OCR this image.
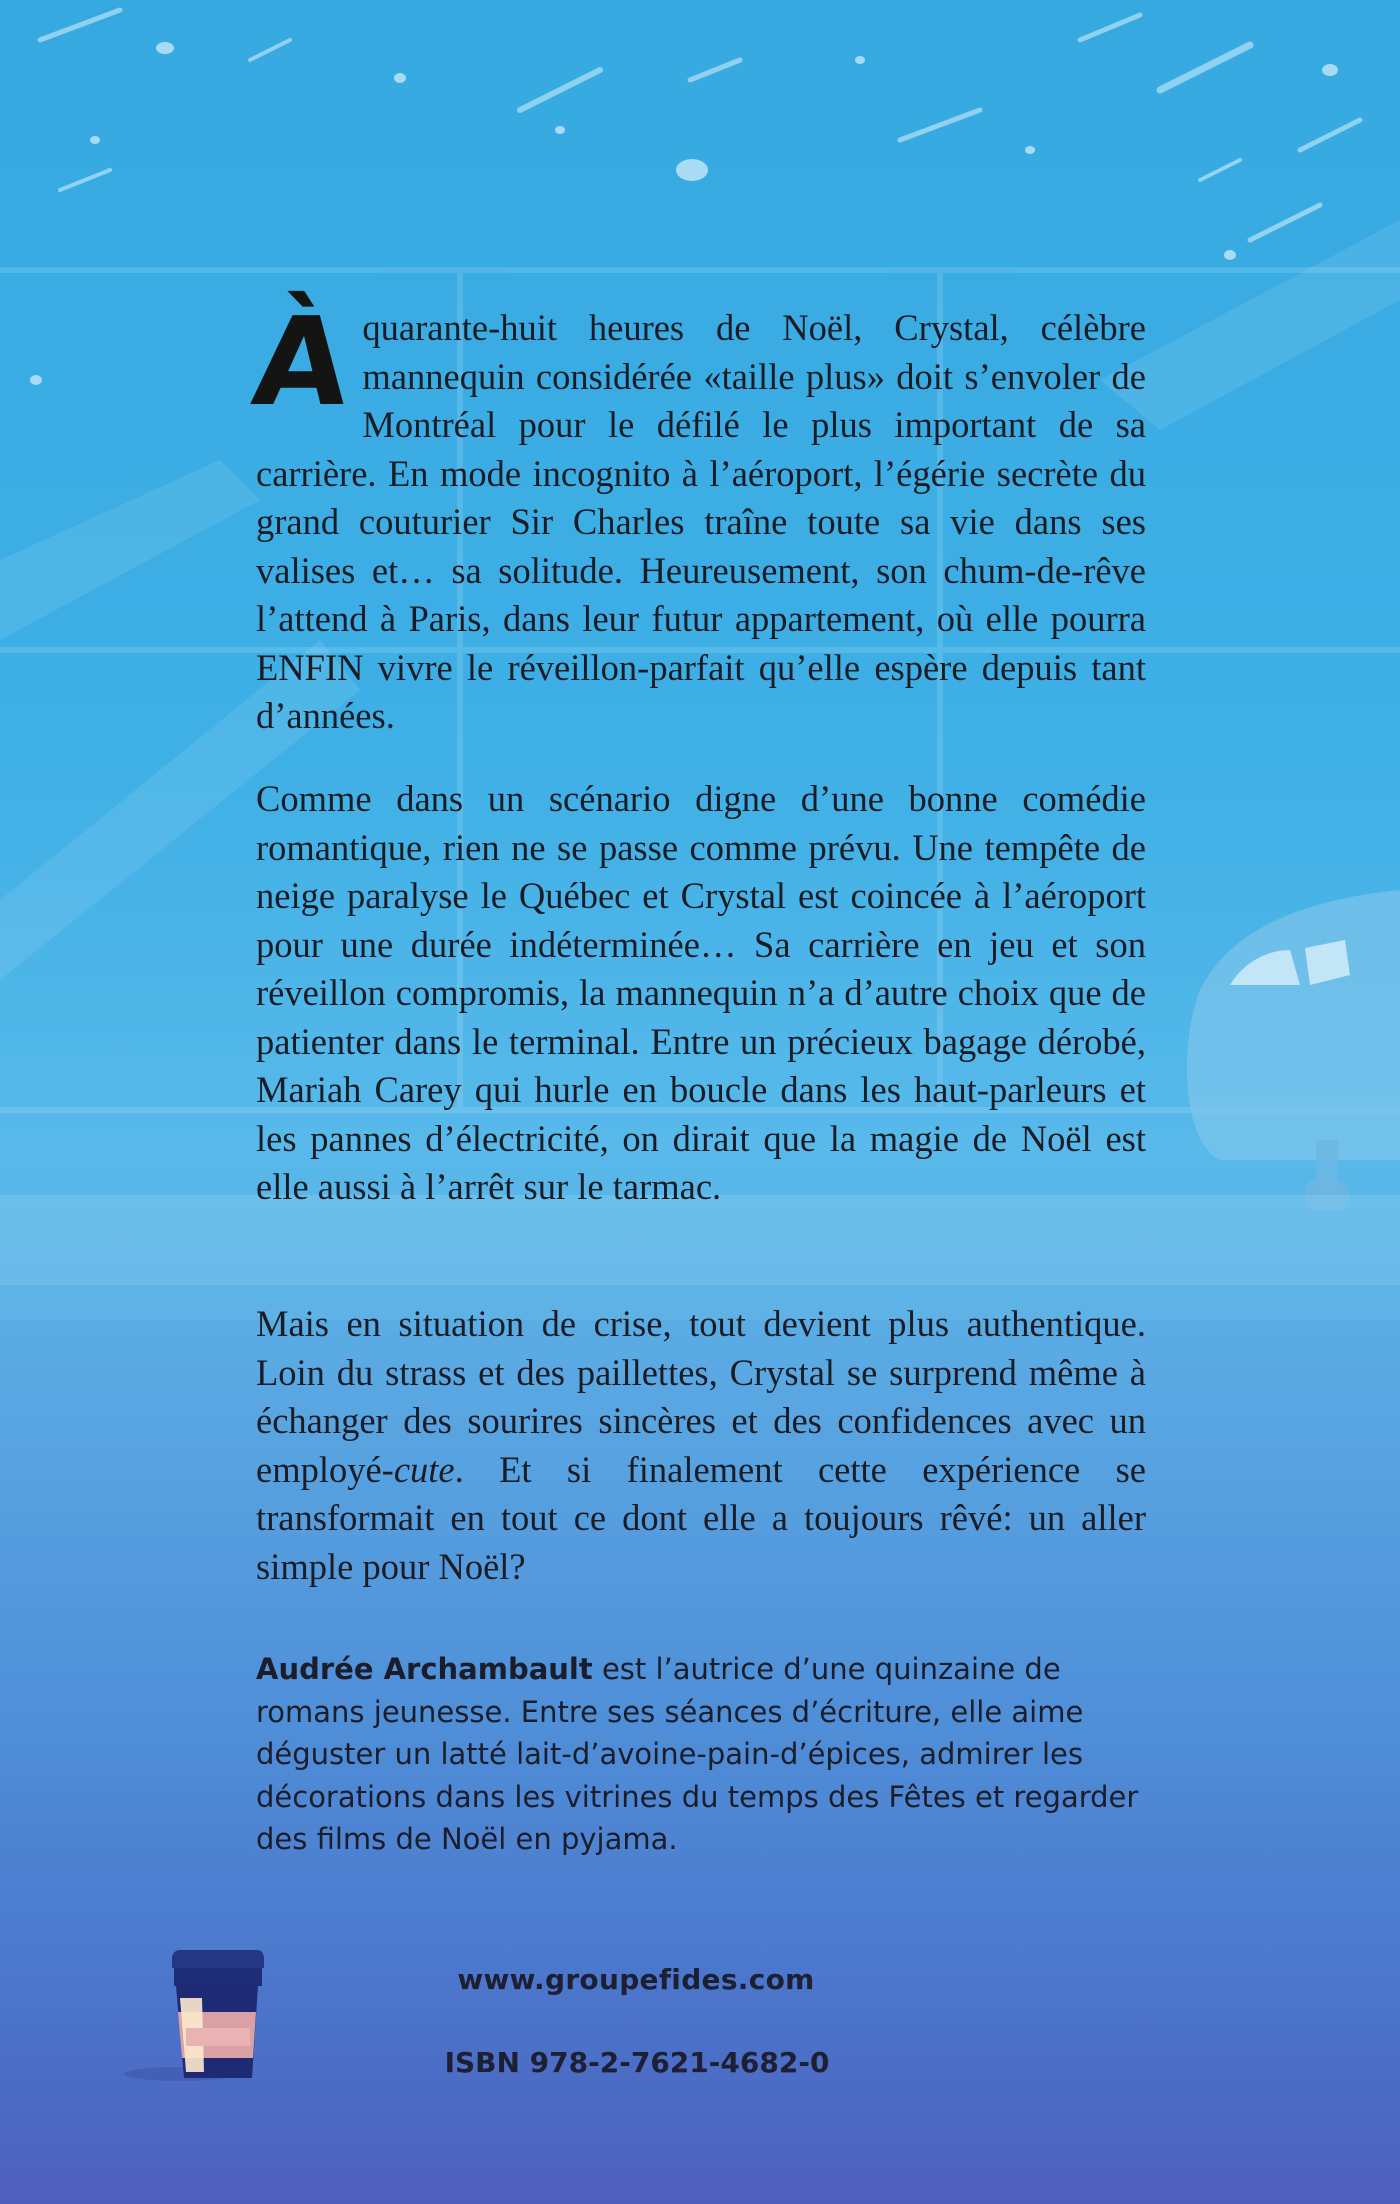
Àquarante-huit heures de Noël, Crystal, célèbre mannequin considérée «taille plus» doit s’envoler de Montréal pour le défilé le plus important de sa carrière. En mode incognito à l’aéroport, l’égérie secrète du grand couturier Sir Charles traîne toute sa vie dans ses valises et… sa solitude. Heureusement, son chum-de-rêve l’attend à Paris, dans leur futur appartement, où elle pourra ENFIN vivre le réveillon-parfait qu’elle espère depuis tant d’années.

Comme dans un scénario digne d’une bonne comédie romantique, rien ne se passe comme prévu. Une tempête de neige paralyse le Québec et Crystal est coincée à l’aéroport pour une durée indéterminée… Sa carrière en jeu et son réveillon compromis, la mannequin n’a d’autre choix que de patienter dans le terminal. Entre un précieux bagage dérobé, Mariah Carey qui hurle en boucle dans les haut-parleurs et les pannes d’électricité, on dirait que la magie de Noël est elle aussi à l’arrêt sur le tarmac.

Mais en situation de crise, tout devient plus authentique. Loin du strass et des paillettes, Crystal se surprend même à échanger des sourires sincères et des confidences avec un employé-cute. Et si finalement cette expérience se transformait en tout ce dont elle a toujours rêvé: un aller simple pour Noël?

Audrée Archambault est l’autrice d’une quinzaine de romans jeunesse. Entre ses séances d’écriture, elle aime déguster un latté lait-d’avoine-pain-d’épices, admirer les décorations dans les vitrines du temps des Fêtes et regarder des films de Noël en pyjama.

www.groupefides.com
ISBN 978-2-7621-4682-0
